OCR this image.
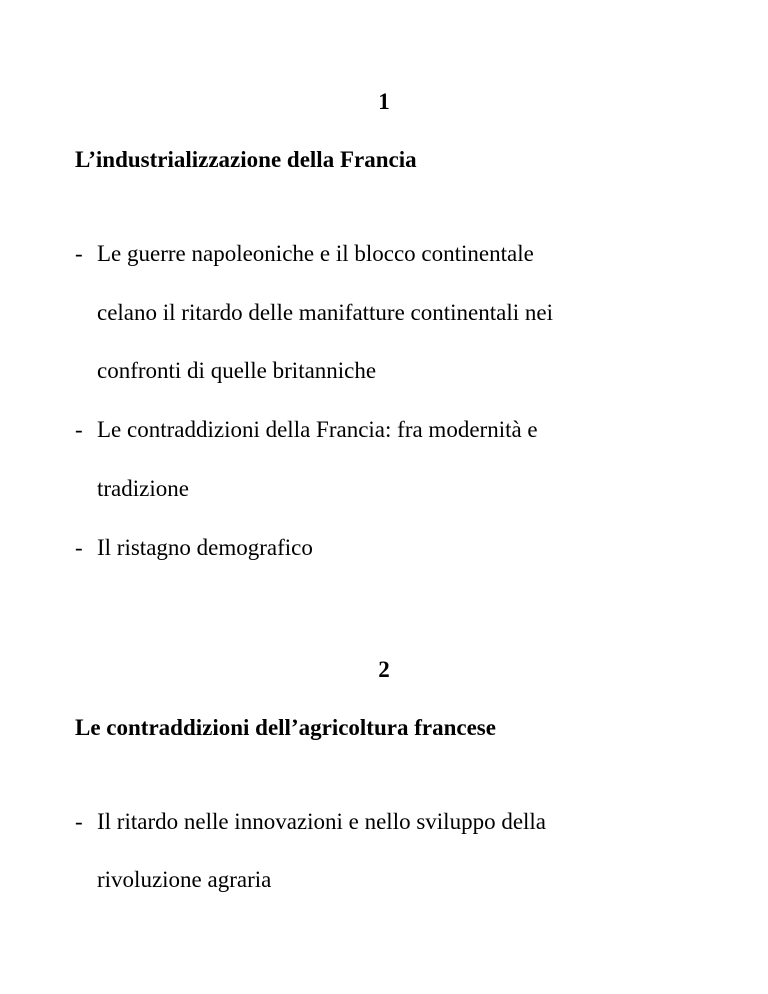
1
L’industrializzazione della Francia
- Le guerre napoleoniche e il blocco continentale
celano il ritardo delle manifatture continentali nei
confronti di quelle britanniche
- Le contraddizioni della Francia: fra modernità e
tradizione
- Il ristagno demografico
2
Le contraddizioni dell’agricoltura francese
- Il ritardo nelle innovazioni e nello sviluppo della
rivoluzione agraria
